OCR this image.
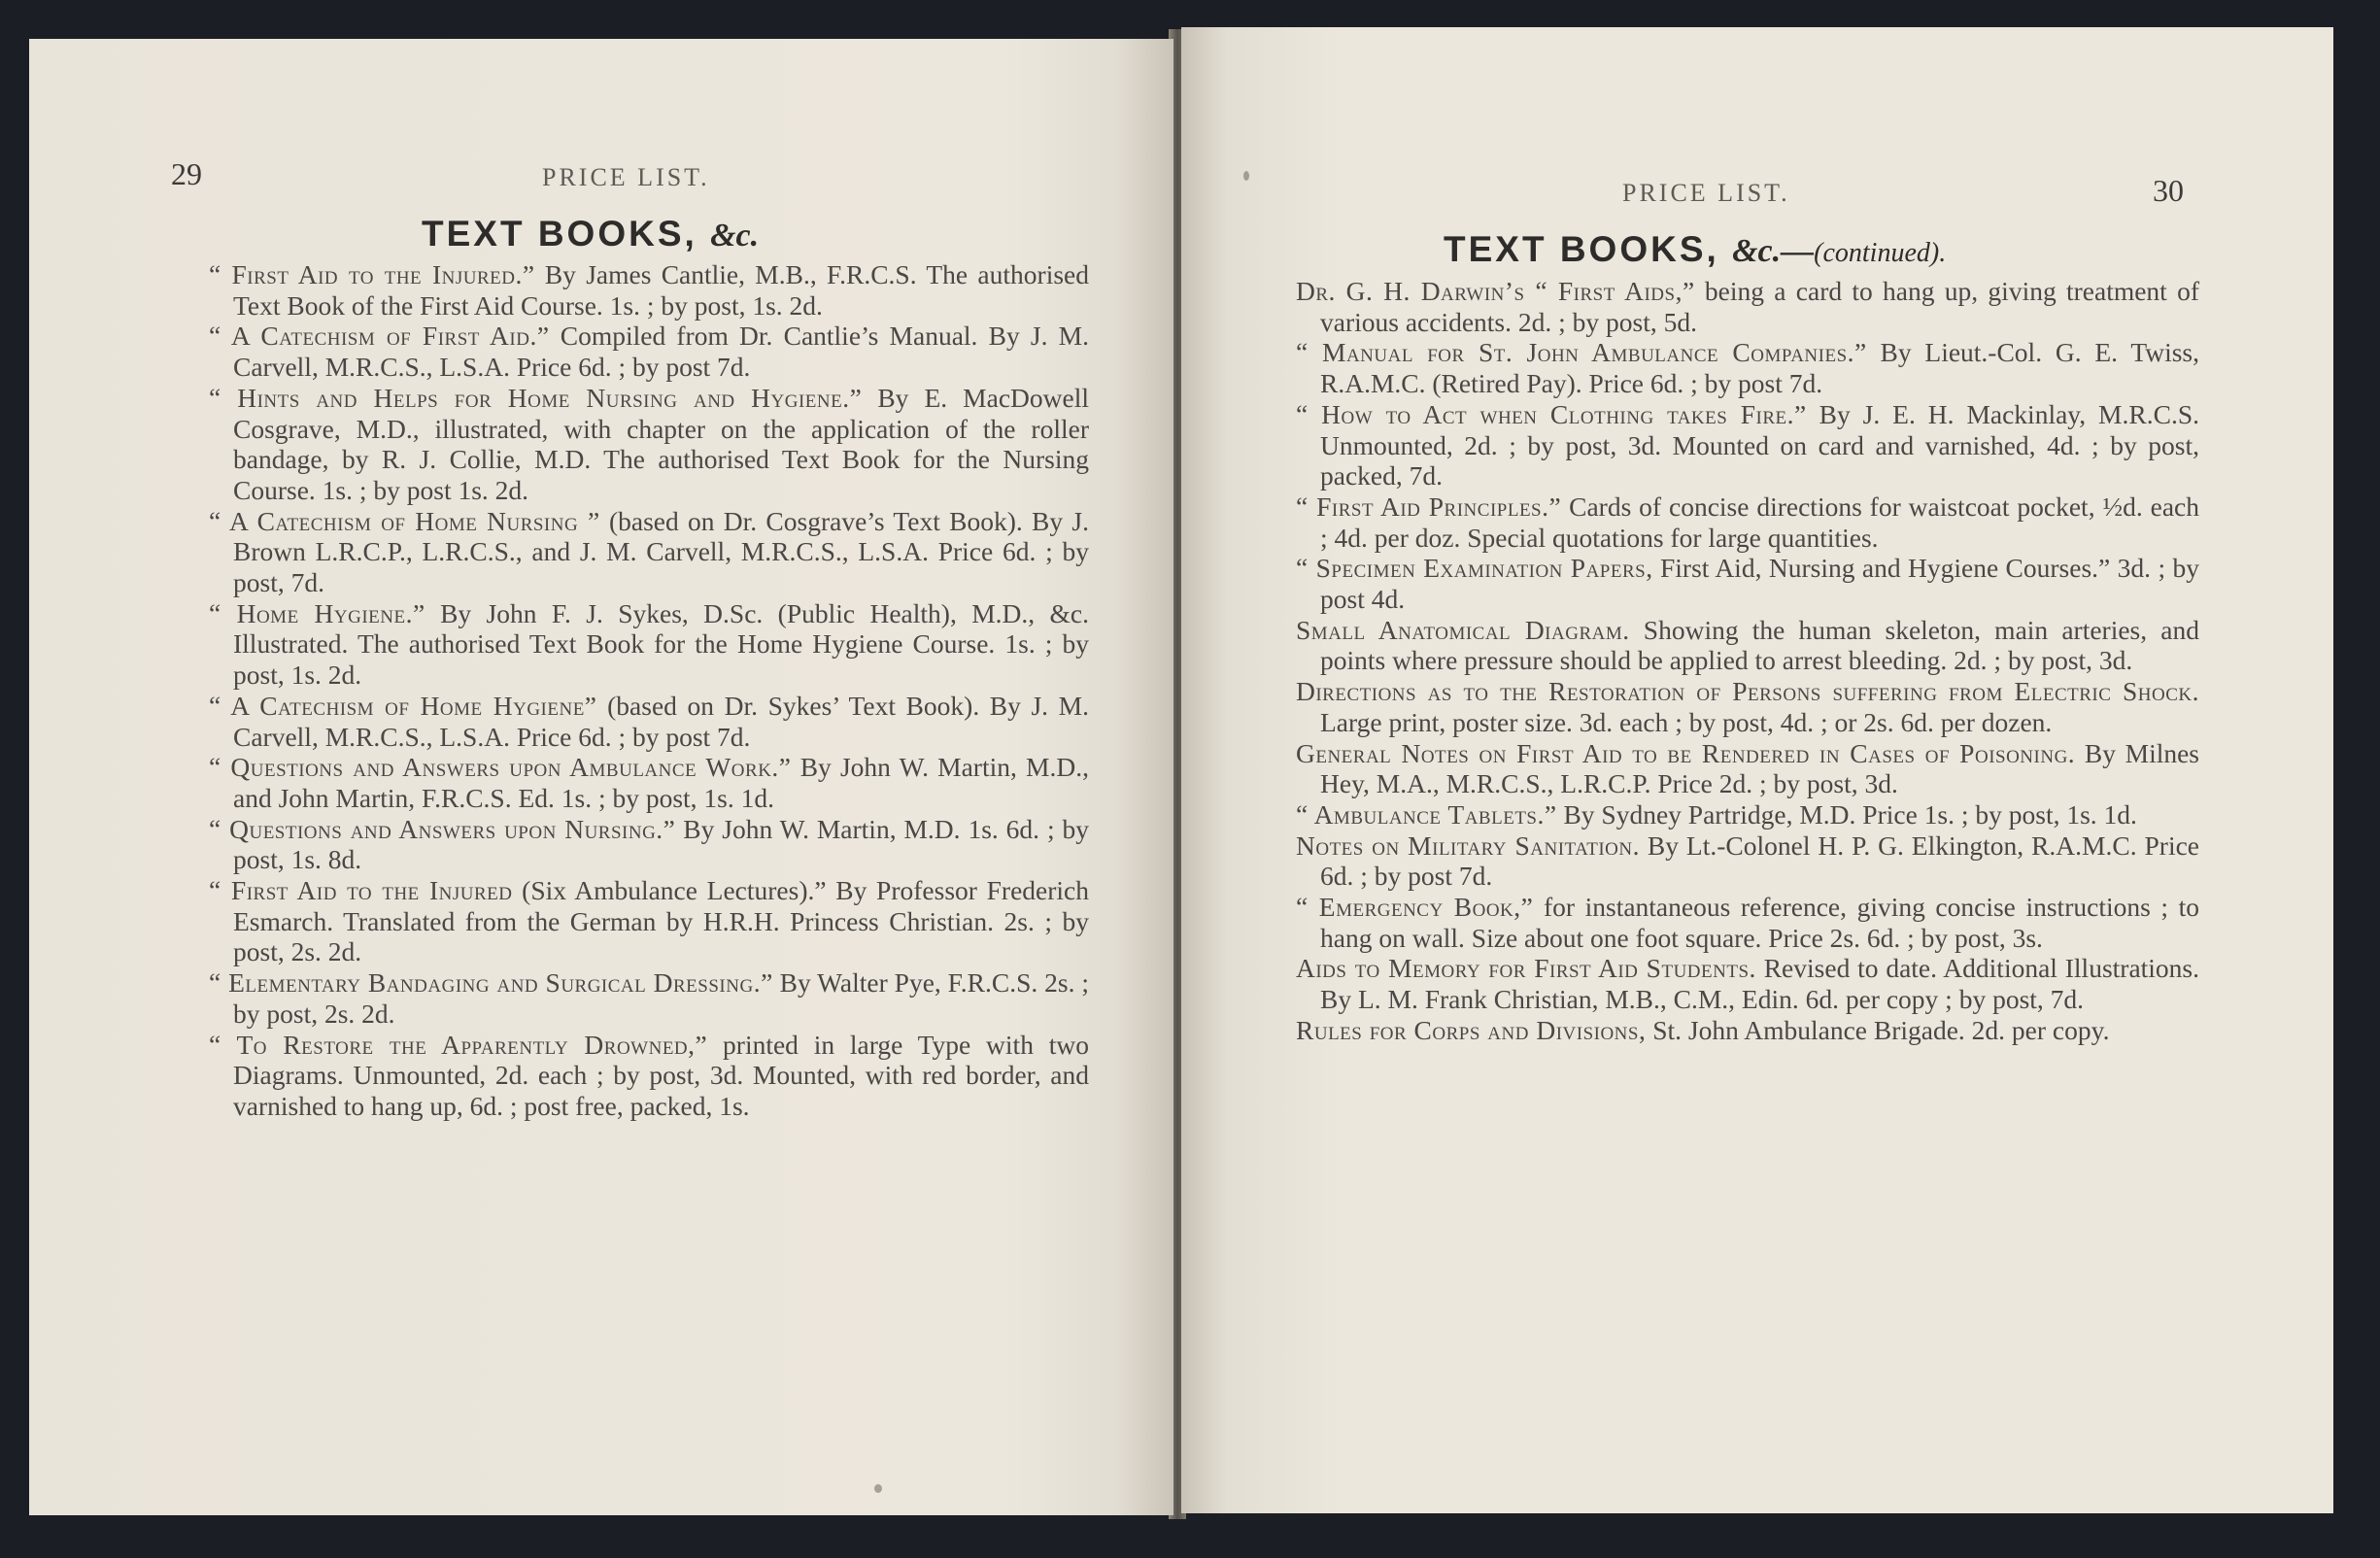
29	PRICE LIST.
TEXT BOOKS, &c.
“ First Aid to the Injured.” By James Cantlie, M.B., F.R.C.S. The authorised Text Book of the First Aid Course. 1s. ; by post, 1s. 2d.
“ A Catechism of First Aid.” Compiled from Dr. Cantlie’s Manual. By J. M. Carvell, M.R.C.S., L.S.A. Price 6d. ; by post 7d.
“ Hints and Helps for Home Nursing and Hygiene.” By E. MacDowell Cosgrave, M.D., illustrated, with chapter on the application of the roller bandage, by R. J. Collie, M.D. The authorised Text Book for the Nursing Course. 1s. ; by post 1s. 2d.
“ A Catechism of Home Nursing ” (based on Dr. Cosgrave’s Text Book). By J. Brown L.R.C.P., L.R.C.S., and J. M. Carvell, M.R.C.S., L.S.A. Price 6d. ; by post, 7d.
“ Home Hygiene.” By John F. J. Sykes, D.Sc. (Public Health), M.D., &c. Illustrated. The authorised Text Book for the Home Hygiene Course. 1s. ; by post, 1s. 2d.
“ A Catechism of Home Hygiene” (based on Dr. Sykes’ Text Book). By J. M. Carvell, M.R.C.S., L.S.A. Price 6d. ; by post 7d.
“ Questions and Answers upon Ambulance Work.” By John W. Martin, M.D., and John Martin, F.R.C.S. Ed. 1s. ; by post, 1s. 1d.
“ Questions and Answers upon Nursing.” By John W. Martin, M.D. 1s. 6d. ; by post, 1s. 8d.
“ First Aid to the Injured (Six Ambulance Lectures).” By Professor Frederich Esmarch. Translated from the German by H.R.H. Princess Christian. 2s. ; by post, 2s. 2d.
“ Elementary Bandaging and Surgical Dressing.” By Walter Pye, F.R.C.S. 2s. ; by post, 2s. 2d.
“ To Restore the Apparently Drowned,” printed in large Type with two Diagrams. Unmounted, 2d. each ; by post, 3d. Mounted, with red border, and varnished to hang up, 6d. ; post free, packed, 1s.
30
PRICE LIST.
TEXT BOOKS, &c.—(continued).
Dr. G. H. Darwin’s “ First Aids,” being a card to hang up, giving treatment of various accidents. 2d. ; by post, 5d.
“ Manual for St. John Ambulance Companies.” By Lieut.-Col. G. E. Twiss, R.A.M.C. (Retired Pay). Price 6d. ; by post 7d.
“ How to Act when Clothing takes Fire.” By J. E. H. Mackinlay, M.R.C.S. Unmounted, 2d. ; by post, 3d. Mounted on card and varnished, 4d. ; by post, packed, 7d.
“ First Aid Principles.” Cards of concise directions for waistcoat pocket, ½d. each ; 4d. per doz. Special quotations for large quantities.
“ Specimen Examination Papers, First Aid, Nursing and Hygiene Courses.” 3d. ; by post 4d.
Small Anatomical Diagram. Showing the human skeleton, main arteries, and points where pressure should be applied to arrest bleeding. 2d. ; by post, 3d.
Directions as to the Restoration of Persons suffering from Electric Shock. Large print, poster size. 3d. each ; by post, 4d. ; or 2s. 6d. per dozen.
General Notes on First Aid to be Rendered in Cases of Poisoning. By Milnes Hey, M.A., M.R.C.S., L.R.C.P. Price 2d. ; by post, 3d.
“ Ambulance Tablets.” By Sydney Partridge, M.D. Price 1s. ; by post, 1s. 1d.
Notes on Military Sanitation. By Lt.-Colonel H. P. G. Elkington, R.A.M.C. Price 6d. ; by post 7d.
“ Emergency Book,” for instantaneous reference, giving concise instructions ; to hang on wall. Size about one foot square. Price 2s. 6d. ; by post, 3s.
Aids to Memory for First Aid Students. Revised to date. Additional Illustrations. By L. M. Frank Christian, M.B., C.M., Edin. 6d. per copy ; by post, 7d.
Rules for Corps and Divisions, St. John Ambulance Brigade. 2d. per copy.
